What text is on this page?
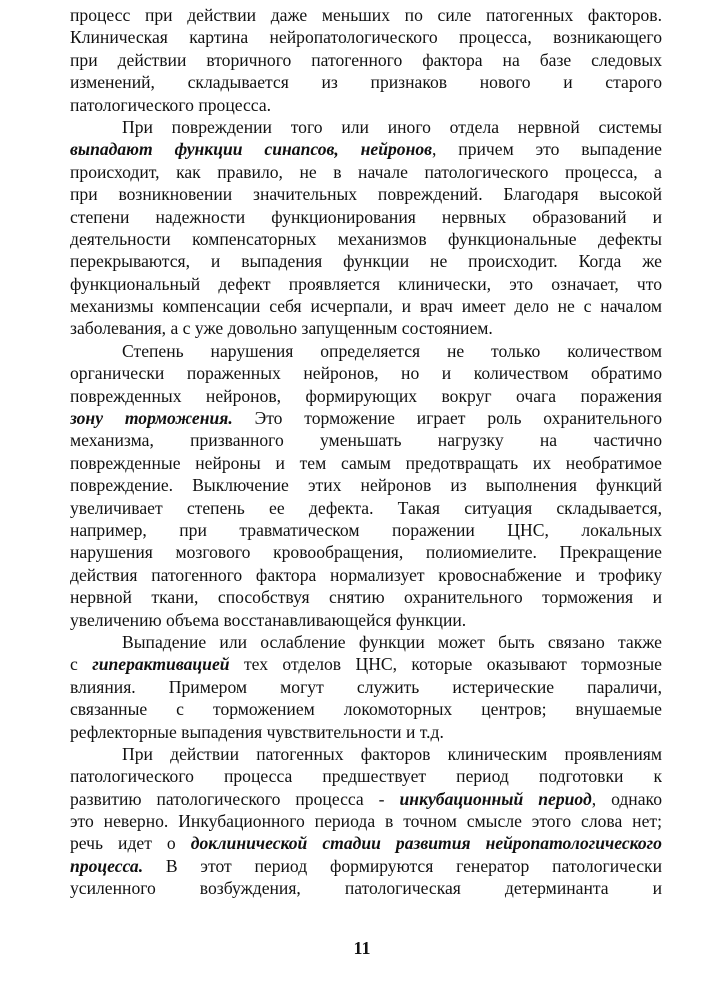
процесс при действии даже меньших по силе патогенных факторов.
Клиническая картина нейропатологического процесса, возникающего
при действии вторичного патогенного фактора на базе следовых
изменений, складывается из признаков нового и старого
патологического процесса.
При повреждении того или иного отдела нервной системы
выпадают функции синапсов, нейронов, причем это выпадение
происходит, как правило, не в начале патологического процесса, а
при возникновении значительных повреждений. Благодаря высокой
степени надежности функционирования нервных образований и
деятельности компенсаторных механизмов функциональные дефекты
перекрываются, и выпадения функции не происходит. Когда же
функциональный дефект проявляется клинически, это означает, что
механизмы компенсации себя исчерпали, и врач имеет дело не с началом
заболевания, а с уже довольно запущенным состоянием.
Степень нарушения определяется не только количеством
органически пораженных нейронов, но и количеством обратимо
поврежденных нейронов, формирующих вокруг очага поражения
зону торможения. Это торможение играет роль охранительного
механизма, призванного уменьшать нагрузку на частично
поврежденные нейроны и тем самым предотвращать их необратимое
повреждение. Выключение этих нейронов из выполнения функций
увеличивает степень ее дефекта. Такая ситуация складывается,
например, при травматическом поражении ЦНС, локальных
нарушения мозгового кровообращения, полиомиелите. Прекращение
действия патогенного фактора нормализует кровоснабжение и трофику
нервной ткани, способствуя снятию охранительного торможения и
увеличению объема восстанавливающейся функции.
Выпадение или ослабление функции может быть связано также
с гиперактивацией тех отделов ЦНС, которые оказывают тормозные
влияния. Примером могут служить истерические параличи,
связанные с торможением локомоторных центров; внушаемые
рефлекторные выпадения чувствительности и т.д.
При действии патогенных факторов клиническим проявлениям
патологического процесса предшествует период подготовки к
развитию патологического процесса - инкубационный период, однако
это неверно. Инкубационного периода в точном смысле этого слова нет;
речь идет о доклинической стадии развития нейропатологического
процесса. В этот период формируются генератор патологически
усиленного возбуждения, патологическая детерминанта и
11
